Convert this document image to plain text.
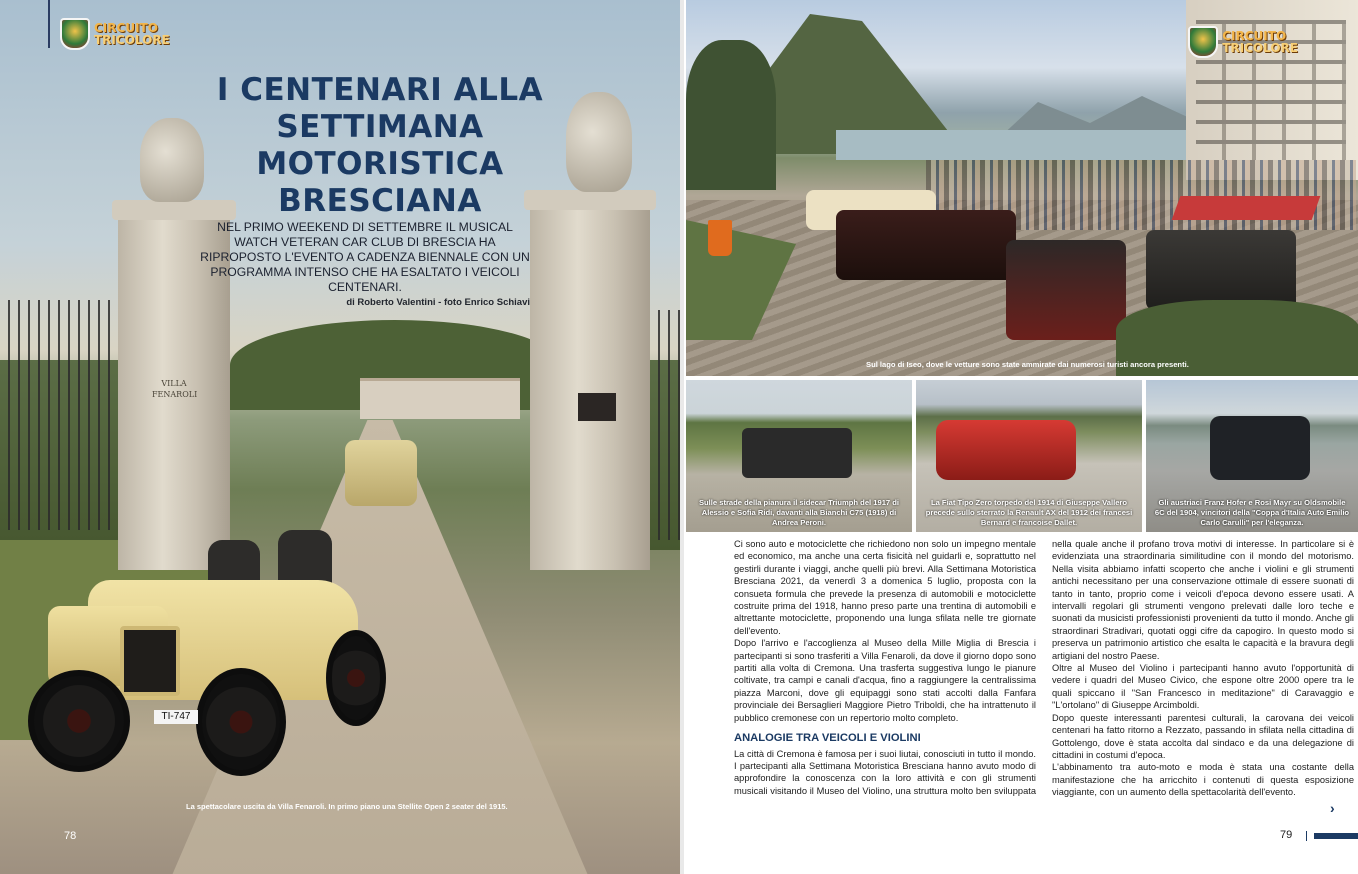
VILLA FENAROLI
TI-747
CIRCUITO
TRICOLORE
I CENTENARI ALLA SETTIMANA MOTORISTICA BRESCIANA

NEL PRIMO WEEKEND DI SETTEMBRE IL MUSICAL WATCH VETERAN CAR CLUB DI BRESCIA HA RIPROPOSTO L'EVENTO A CADENZA BIENNALE CON UN PROGRAMMA INTENSO CHE HA ESALTATO I VEICOLI CENTENARI.

di Roberto Valentini - foto Enrico Schiavi
La spettacolare uscita da Villa Fenaroli. In primo piano una Stellite Open 2 seater del 1915.
78
CIRCUITO
TRICOLORE
Sul lago di Iseo, dove le vetture sono state ammirate dai numerosi turisti ancora presenti.
Sulle strade della pianura il sidecar Triumph del 1917 di Alessio e Sofia Ridi, davanti alla Bianchi C75 (1918) di Andrea Peroni.
La Fiat Tipo Zero torpedo del 1914 di Giuseppe Vallero precede sullo sterrato la Renault AX del 1912 dei francesi Bernard e francoise Dallet.
Gli austriaci Franz Hofer e Rosi Mayr su Oldsmobile 6C del 1904, vincitori della "Coppa d'Italia Auto Emilio Carlo Carulli" per l'eleganza.

Ci sono auto e motociclette che richiedono non solo un impegno mentale ed economico, ma anche una certa fisicità nel guidarli e, soprattutto nel gestirli durante i viaggi, anche quelli più brevi. Alla Settimana Motoristica Bresciana 2021, da venerdì 3 a domenica 5 luglio, proposta con la consueta formula che prevede la presenza di automobili e motociclette costruite prima del 1918, hanno preso parte una trentina di automobili e altrettante motociclette, proponendo una lunga sfilata nelle tre giornate dell'evento.

Dopo l'arrivo e l'accoglienza al Museo della Mille Miglia di Brescia i partecipanti si sono trasferiti a Villa Fenaroli, da dove il giorno dopo sono partiti alla volta di Cremona. Una trasferta suggestiva lungo le pianure coltivate, tra campi e canali d'acqua, fino a raggiungere la centralissima piazza Marconi, dove gli equipaggi sono stati accolti dalla Fanfara provinciale dei Bersaglieri Maggiore Pietro Triboldi, che ha intrattenuto il pubblico cremonese con un repertorio molto completo.

ANALOGIE TRA VEICOLI E VIOLINI

La città di Cremona è famosa per i suoi liutai, conosciuti in tutto il mondo. I partecipanti alla Settimana Motoristica Bresciana hanno avuto modo di approfondire la conoscenza con la loro attività e con gli strumenti musicali visitando il Museo del Violino, una struttura molto ben sviluppata nella quale anche il profano trova motivi di interesse. In particolare si è evidenziata una straordinaria similitudine con il mondo del motorismo. Nella visita abbiamo infatti scoperto che anche i violini e gli strumenti antichi necessitano per una conservazione ottimale di essere suonati di tanto in tanto, proprio come i veicoli d'epoca devono essere usati. A intervalli regolari gli strumenti vengono prelevati dalle loro teche e suonati da musicisti professionisti provenienti da tutto il mondo. Anche gli straordinari Stradivari, quotati oggi cifre da capogiro. In questo modo si preserva un patrimonio artistico che esalta le capacità e la bravura degli artigiani del nostro Paese.

Oltre al Museo del Violino i partecipanti hanno avuto l'opportunità di vedere i quadri del Museo Civico, che espone oltre 2000 opere tra le quali spiccano il "San Francesco in meditazione" di Caravaggio e "L'ortolano" di Giuseppe Arcimboldi.

Dopo queste interessanti parentesi culturali, la carovana dei veicoli centenari ha fatto ritorno a Rezzato, passando in sfilata nella cittadina di Gottolengo, dove è stata accolta dal sindaco e da una delegazione di cittadini in costumi d'epoca.

L'abbinamento tra auto-moto e moda è stata una costante della manifestazione che ha arricchito i contenuti di questa esposizione viaggiante, con un aumento della spettacolarità dell'evento.

›
79
